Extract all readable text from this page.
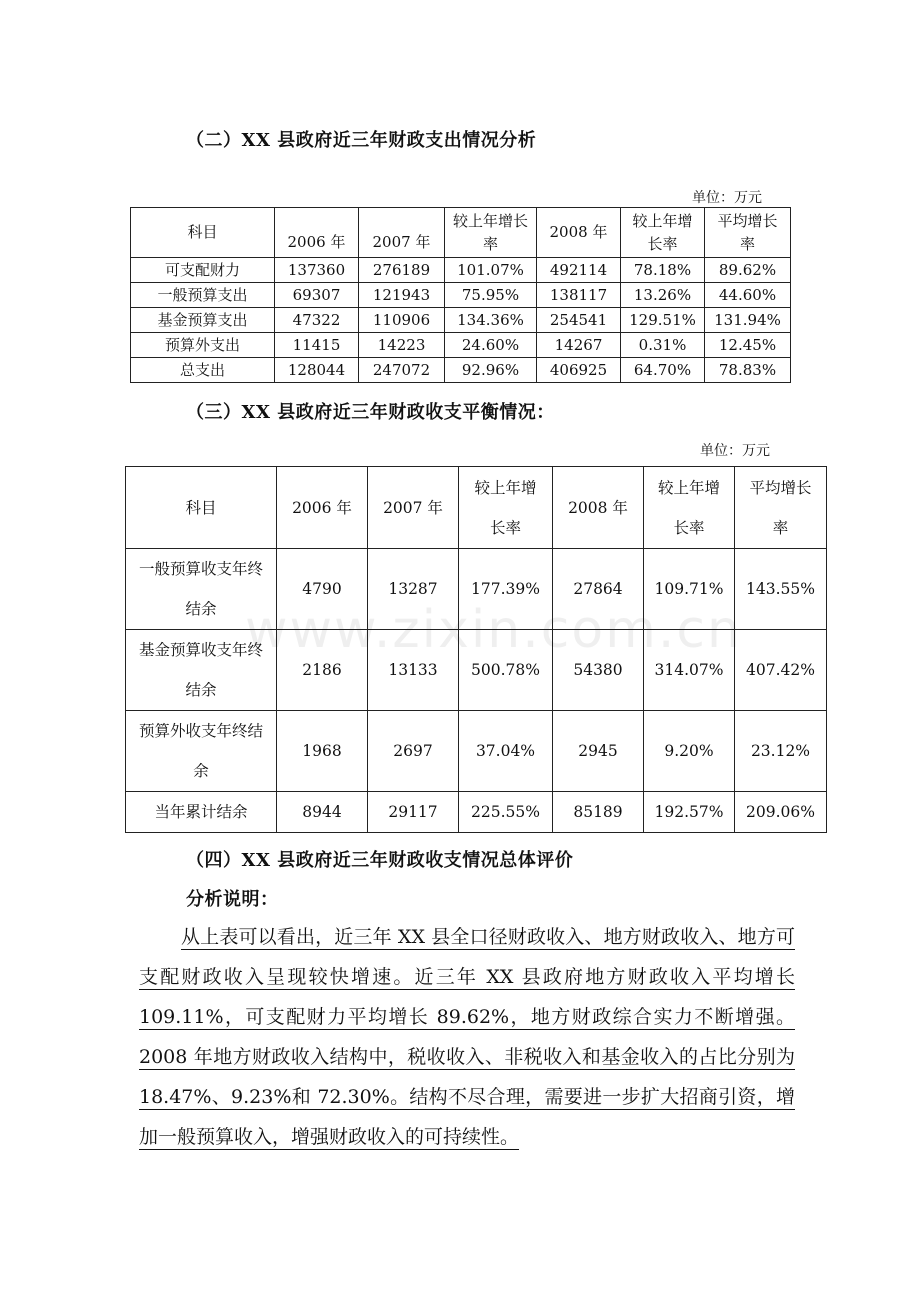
www.zixin.com.cn
（二）XX 县政府近三年财政支出情况分析
单位：万元
科目	2006 年	2007 年	较上年增长率	2008 年	较上年增长率	平均增长率
可支配财力	137360	276189	101.07%	492114	78.18%	89.62%
一般预算支出	69307	121943	75.95%	138117	13.26%	44.60%
基金预算支出	47322	110906	134.36%	254541	129.51%	131.94%
预算外支出	11415	14223	24.60%	14267	0.31%	12.45%
总支出	128044	247072	92.96%	406925	64.70%	78.83%
（三）XX 县政府近三年财政收支平衡情况：
单位：万元
科目	2006 年	2007 年	较上年增长率	2008 年	较上年增长率	平均增长率
一般预算收支年终结余	4790	13287	177.39%	27864	109.71%	143.55%
基金预算收支年终结余	2186	13133	500.78%	54380	314.07%	407.42%
预算外收支年终结余	1968	2697	37.04%	2945	9.20%	23.12%
当年累计结余	8944	29117	225.55%	85189	192.57%	209.06%
（四）XX 县政府近三年财政收支情况总体评价
分析说明：
从上表可以看出，近三年 XX 县全口径财政收入、地方财政收入、地方可支配财政收入呈现较快增速。近三年 XX 县政府地方财政收入平均增长 109.11%，可支配财力平均增长 89.62%，地方财政综合实力不断增强。2008 年地方财政收入结构中，税收收入、非税收入和基金收入的占比分别为 18.47%、9.23%和 72.30%。结构不尽合理，需要进一步扩大招商引资，增加一般预算收入，增强财政收入的可持续性。
